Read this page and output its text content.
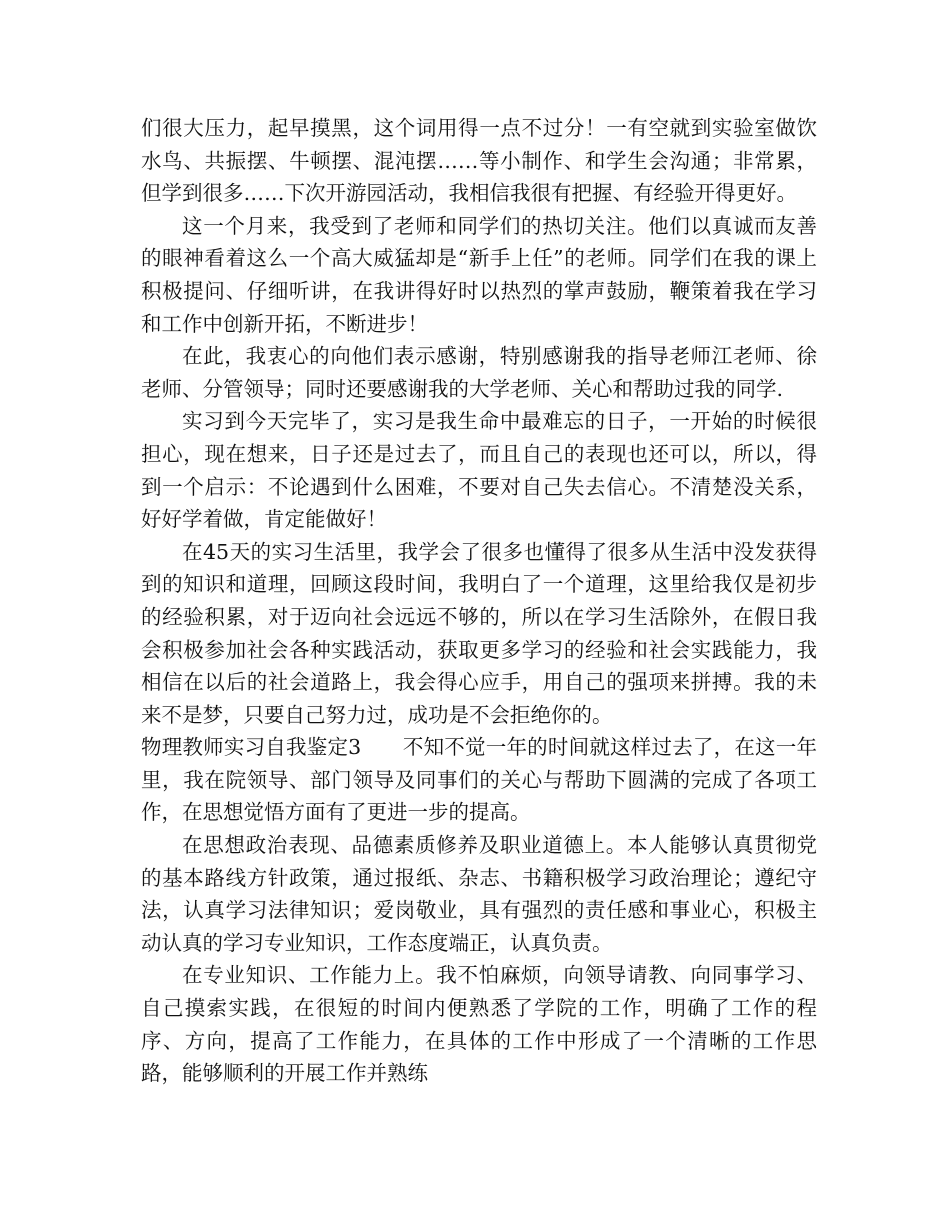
们很大压力，起早摸黑，这个词用得一点不过分！一有空就到实验室做饮水鸟、共振摆、牛顿摆、混沌摆……等小制作、和学生会沟通；非常累，但学到很多……下次开游园活动，我相信我很有把握、有经验开得更好。

这一个月来，我受到了老师和同学们的热切关注。他们以真诚而友善的眼神看着这么一个高大威猛却是“新手上任”的老师。同学们在我的课上积极提问、仔细听讲，在我讲得好时以热烈的掌声鼓励，鞭策着我在学习和工作中创新开拓，不断进步！

在此，我衷心的向他们表示感谢，特别感谢我的指导老师江老师、徐老师、分管领导；同时还要感谢我的大学老师、关心和帮助过我的同学.

实习到今天完毕了，实习是我生命中最难忘的日子，一开始的时候很担心，现在想来，日子还是过去了，而且自己的表现也还可以，所以，得到一个启示：不论遇到什么困难，不要对自己失去信心。不清楚没关系，好好学着做，肯定能做好！

在45天的实习生活里，我学会了很多也懂得了很多从生活中没发获得到的知识和道理，回顾这段时间，我明白了一个道理，这里给我仅是初步的经验积累，对于迈向社会远远不够的，所以在学习生活除外，在假日我会积极参加社会各种实践活动，获取更多学习的经验和社会实践能力，我相信在以后的社会道路上，我会得心应手，用自己的强项来拼搏。我的未来不是梦，只要自己努力过，成功是不会拒绝你的。

物理教师实习自我鉴定3　　不知不觉一年的时间就这样过去了，在这一年里，我在院领导、部门领导及同事们的关心与帮助下圆满的完成了各项工作，在思想觉悟方面有了更进一步的提高。

在思想政治表现、品德素质修养及职业道德上。本人能够认真贯彻党的基本路线方针政策，通过报纸、杂志、书籍积极学习政治理论；遵纪守法，认真学习法律知识；爱岗敬业，具有强烈的责任感和事业心，积极主动认真的学习专业知识，工作态度端正，认真负责。

在专业知识、工作能力上。我不怕麻烦，向领导请教、向同事学习、自己摸索实践，在很短的时间内便熟悉了学院的工作，明确了工作的程序、方向，提高了工作能力，在具体的工作中形成了一个清晰的工作思路，能够顺利的开展工作并熟练
